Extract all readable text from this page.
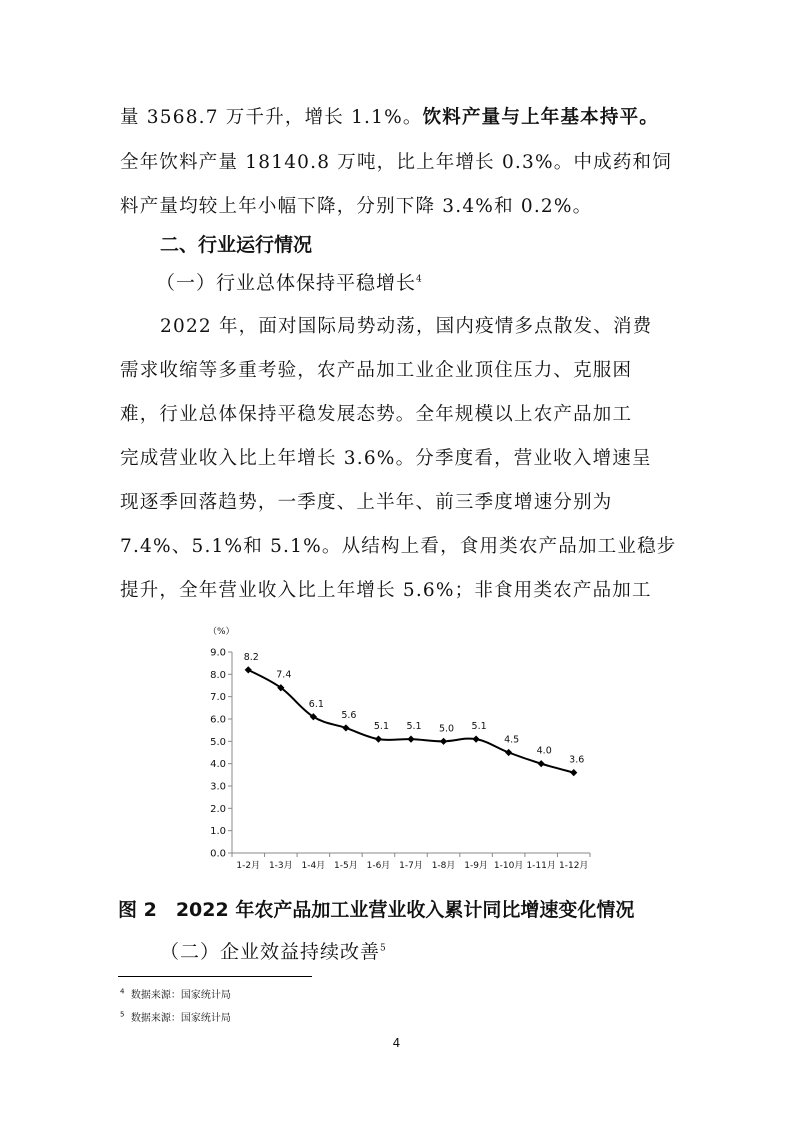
量 3568.7 万千升，增长 1.1%。饮料产量与上年基本持平。
全年饮料产量 18140.8 万吨，比上年增长 0.3%。中成药和饲
料产量均较上年小幅下降，分别下降 3.4%和 0.2%。
二、行业运行情况
（一）行业总体保持平稳增长$^4$
2022 年，面对国际局势动荡，国内疫情多点散发、消费
需求收缩等多重考验，农产品加工业企业顶住压力、克服困
难，行业总体保持平稳发展态势。全年规模以上农产品加工
完成营业收入比上年增长 3.6%。分季度看，营业收入增速呈
现逐季回落趋势，一季度、上半年、前三季度增速分别为
7.4%、5.1%和 5.1%。从结构上看，食用类农产品加工业稳步
提升，全年营业收入比上年增长 5.6%；非食用类农产品加工
（%）
0.0
1.0
2.0
3.0
4.0
5.0
6.0
7.0
8.0
9.0
1-2月 1-3月 1-4月 1-5月 1-6月 1-7月 1-8月 1-9月 1-10月 1-11月 1-12月
8.2
7.4
6.1
5.6
5.1 5.1 5.0 5.1
4.5
4.0
3.6
图 2　2022 年农产品加工业营业收入累计同比增速变化情况
（二）企业效益持续改善$^5$
$^4$ 数据来源：国家统计局
$^5$ 数据来源：国家统计局
4
